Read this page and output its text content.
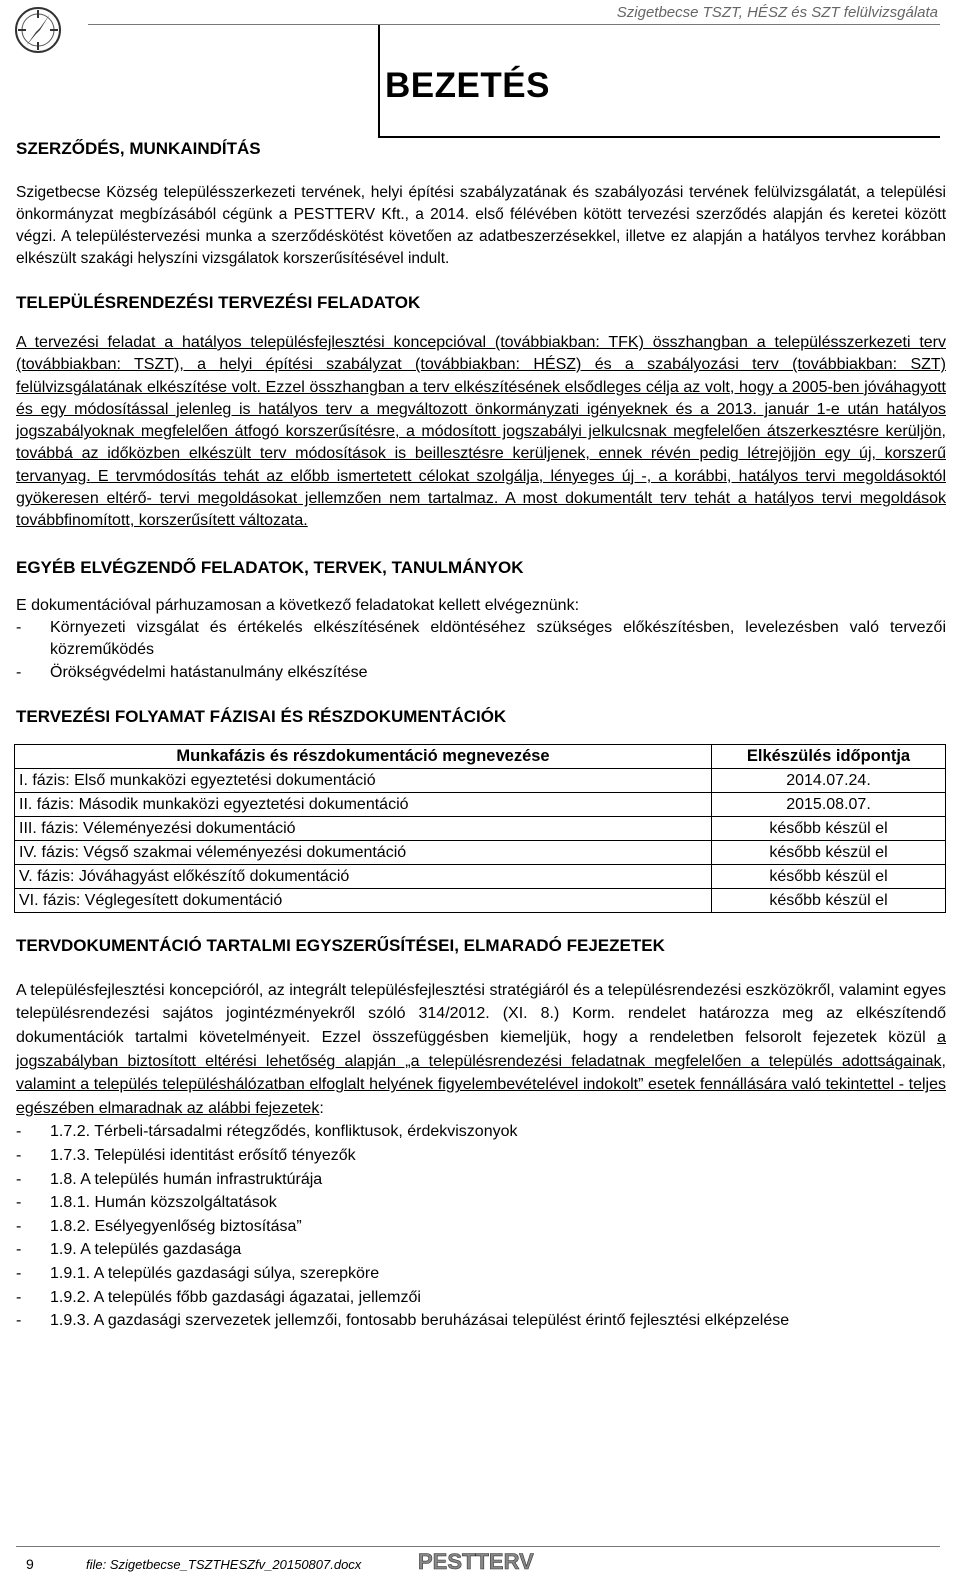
Szigetbecse TSZT, HÉSZ és SZT felülvizsgálata
BEZETÉS
SZERZŐDÉS, MUNKAINDÍTÁS

Szigetbecse Község településszerkezeti tervének, helyi építési szabályzatának és szabályozási tervének felülvizsgálatát, a települési önkormányzat megbízásából cégünk a PESTTERV Kft., a 2014. első félévében kötött tervezési szerződés alapján és keretei között végzi. A településtervezési munka a szerződéskötést követően az adatbeszerzésekkel, illetve ez alapján a hatályos tervhez korábban elkészült szakági helyszíni vizsgálatok korszerűsítésével indult.

TELEPÜLÉSRENDEZÉSI TERVEZÉSI FELADATOK

A tervezési feladat a hatályos településfejlesztési koncepcióval (továbbiakban: TFK) összhangban a településszerkezeti terv (továbbiakban: TSZT), a helyi építési szabályzat (továbbiakban: HÉSZ) és a szabályozási terv (továbbiakban: SZT) felülvizsgálatának elkészítése volt. Ezzel összhangban a terv elkészítésének elsődleges célja az volt, hogy a 2005-ben jóváhagyott és egy módosítással jelenleg is hatályos terv a megváltozott önkormányzati igényeknek és a 2013. január 1-e után hatályos jogszabályoknak megfelelően átfogó korszerűsítésre, a módosított jogszabályi jelkulcsnak megfelelően átszerkesztésre kerüljön, továbbá az időközben elkészült terv módosítások is beillesztésre kerüljenek, ennek révén pedig létrejöjjön egy új, korszerű tervanyag. E tervmódosítás tehát az előbb ismertetett célokat szolgálja, lényeges új -, a korábbi, hatályos tervi megoldásoktól gyökeresen eltérő- tervi megoldásokat jellemzően nem tartalmaz. A most dokumentált terv tehát a hatályos tervi megoldások továbbfinomított, korszerűsített változata.

EGYÉB ELVÉGZENDŐ FELADATOK, TERVEK, TANULMÁNYOK

E dokumentációval párhuzamosan a következő feladatokat kellett elvégeznünk:

- Környezeti vizsgálat és értékelés elkészítésének eldöntéséhez szükséges előkészítésben, levelezésben való tervezői közreműködés
- Örökségvédelmi hatástanulmány elkészítése
TERVEZÉSI FOLYAMAT FÁZISAI ÉS RÉSZDOKUMENTÁCIÓK
Munkafázis és részdokumentáció megnevezése	Elkészülés időpontja
I. fázis: Első munkaközi egyeztetési dokumentáció	2014.07.24.
II. fázis: Második munkaközi egyeztetési dokumentáció	2015.08.07.
III. fázis: Véleményezési dokumentáció	később készül el
IV. fázis: Végső szakmai véleményezési dokumentáció	később készül el
V. fázis: Jóváhagyást előkészítő dokumentáció	később készül el
VI. fázis: Véglegesített dokumentáció	később készül el
TERVDOKUMENTÁCIÓ TARTALMI EGYSZERŰSÍTÉSEI, ELMARADÓ FEJEZETEK

A településfejlesztési koncepcióról, az integrált településfejlesztési stratégiáról és a településrendezési eszközökről, valamint egyes településrendezési sajátos jogintézményekről szóló 314/2012. (XI. 8.) Korm. rendelet határozza meg az elkészítendő dokumentációk tartalmi követelményeit. Ezzel összefüggésben kiemeljük, hogy a rendeletben felsorolt fejezetek közül a jogszabályban biztosított eltérési lehetőség alapján „a településrendezési feladatnak megfelelően a település adottságainak, valamint a település településhálózatban elfoglalt helyének figyelembevételével indokolt” esetek fennállására való tekintettel - teljes egészében elmaradnak az alábbi fejezetek:

- 1.7.2. Térbeli-társadalmi rétegződés, konfliktusok, érdekviszonyok
- 1.7.3. Települési identitást erősítő tényezők
- 1.8. A település humán infrastruktúrája
- 1.8.1. Humán közszolgáltatások
- 1.8.2. Esélyegyenlőség biztosítása”
- 1.9. A település gazdasága
- 1.9.1. A település gazdasági súlya, szerepköre
- 1.9.2. A település főbb gazdasági ágazatai, jellemzői
- 1.9.3. A gazdasági szervezetek jellemzői, fontosabb beruházásai települést érintő fejlesztési elképzelése
9	file: Szigetbecse_TSZTHESZfv_20150807.docx	PESTTERV
